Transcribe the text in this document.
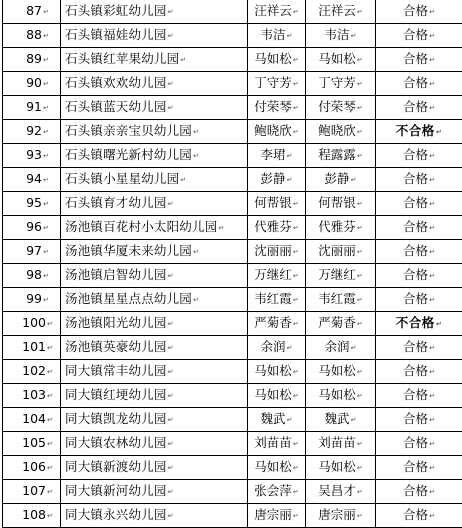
87↵	石头镇彩虹幼儿园↵	汪祥云↵	汪祥云↵	合格↵
88↵	石头镇福娃幼儿园↵	韦洁↵	韦洁↵	合格↵
89↵	石头镇红苹果幼儿园↵	马如松↵	马如松↵	合格↵
90↵	石头镇欢欢幼儿园↵	丁守芳↵	丁守芳↵	合格↵
91↵	石头镇蓝天幼儿园↵	付荣琴↵	付荣琴↵	合格↵
92↵	石头镇亲亲宝贝幼儿园↵	鲍晓欣↵	鲍晓欣↵	不合格↵
93↵	石头镇曙光新村幼儿园↵	李珺↵	程露露↵	合格↵
94↵	石头镇小星星幼儿园↵	彭静↵	彭静↵	合格↵
95↵	石头镇育才幼儿园↵	何帮银↵	何帮银↵	合格↵
96↵	汤池镇百花村小太阳幼儿园↵	代雅芬↵	代雅芬↵	合格↵
97↵	汤池镇华厦未来幼儿园↵	沈丽丽↵	沈丽丽↵	合格↵
98↵	汤池镇启智幼儿园↵	万继红↵	万继红↵	合格↵
99↵	汤池镇星星点点幼儿园↵	韦红霞↵	韦红霞↵	合格↵
100↵	汤池镇阳光幼儿园↵	严菊香↵	严菊香↵	不合格↵
101↵	汤池镇英豪幼儿园↵	余润↵	余润↵	合格↵
102↵	同大镇常丰幼儿园↵	马如松↵	马如松↵	合格↵
103↵	同大镇红埂幼儿园↵	马如松↵	马如松↵	合格↵
104↵	同大镇凯龙幼儿园↵	魏武↵	魏武↵	合格↵
105↵	同大镇农林幼儿园↵	刘苗苗↵	刘苗苗↵	合格↵
106↵	同大镇新渡幼儿园↵	马如松↵	马如松↵	合格↵
107↵	同大镇新河幼儿园↵	张会萍↵	吴昌才↵	合格↵
108↵	同大镇永兴幼儿园↵	唐宗丽↵	唐宗丽↵	合格↵
